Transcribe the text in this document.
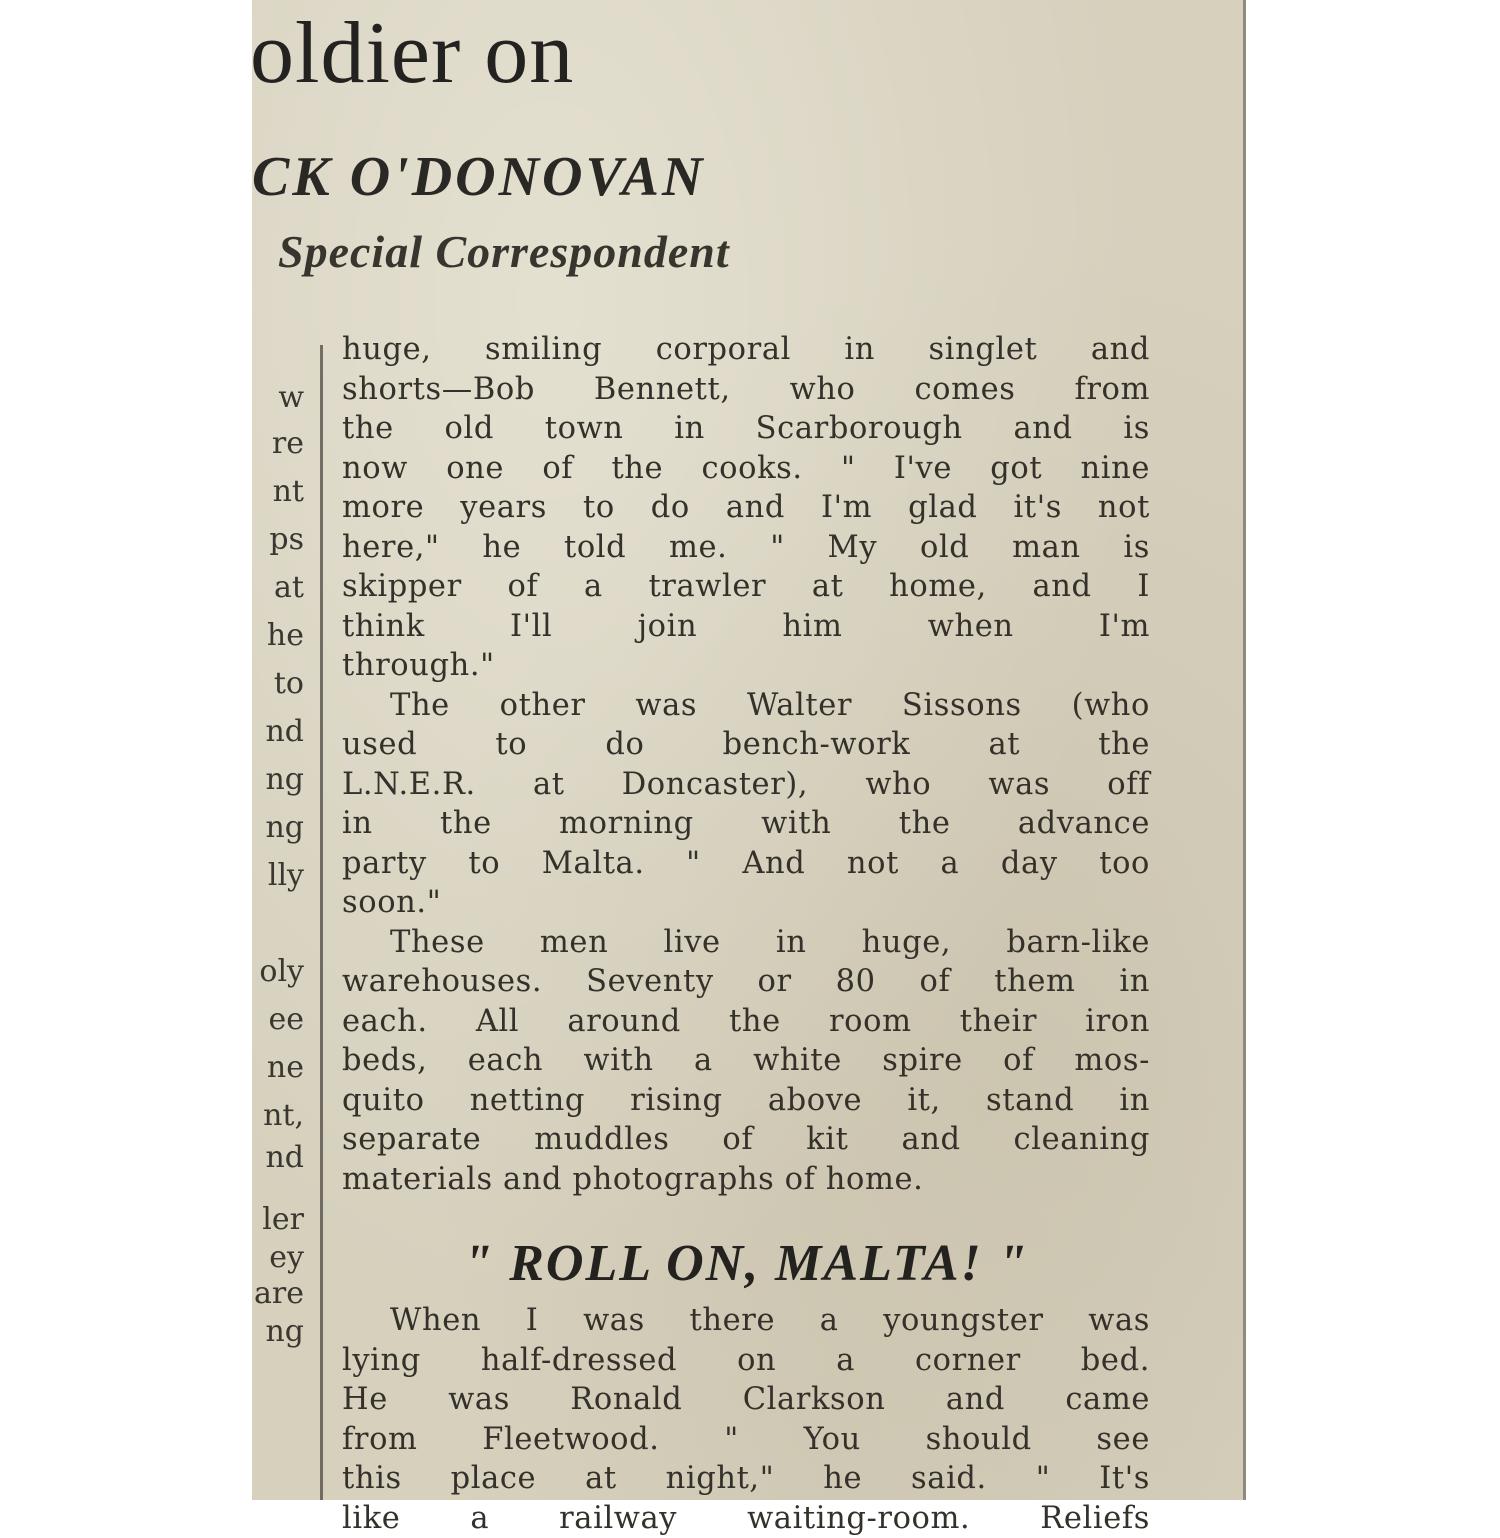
oldier on
CK O'DONOVAN
Special Correspondent
w
re
nt
ps
at
he
to
nd
ng
ng
lly
oly
ee
ne
nt,
nd
ler
ey
are
ng
huge, smiling corporal in singlet and
shorts—Bob Bennett, who comes from
the old town in Scarborough and is
now one of the cooks. " I've got nine
more years to do and I'm glad it's not
here," he told me. " My old man is
skipper of a trawler at home, and I
think I'll join him when I'm
through."
The other was Walter Sissons (who
used to do bench-work at the
L.N.E.R. at Doncaster), who was off
in the morning with the advance
party to Malta. " And not a day too
soon."
These men live in huge, barn-like
warehouses. Seventy or 80 of them in
each. All around the room their iron
beds, each with a white spire of mos-
quito netting rising above it, stand in
separate muddles of kit and cleaning
materials and photographs of home.
" ROLL ON, MALTA! "
When I was there a youngster was
lying half-dressed on a corner bed.
He was Ronald Clarkson and came
from Fleetwood. " You should see
this place at night," he said. " It's
like a railway waiting-room. Reliefs
